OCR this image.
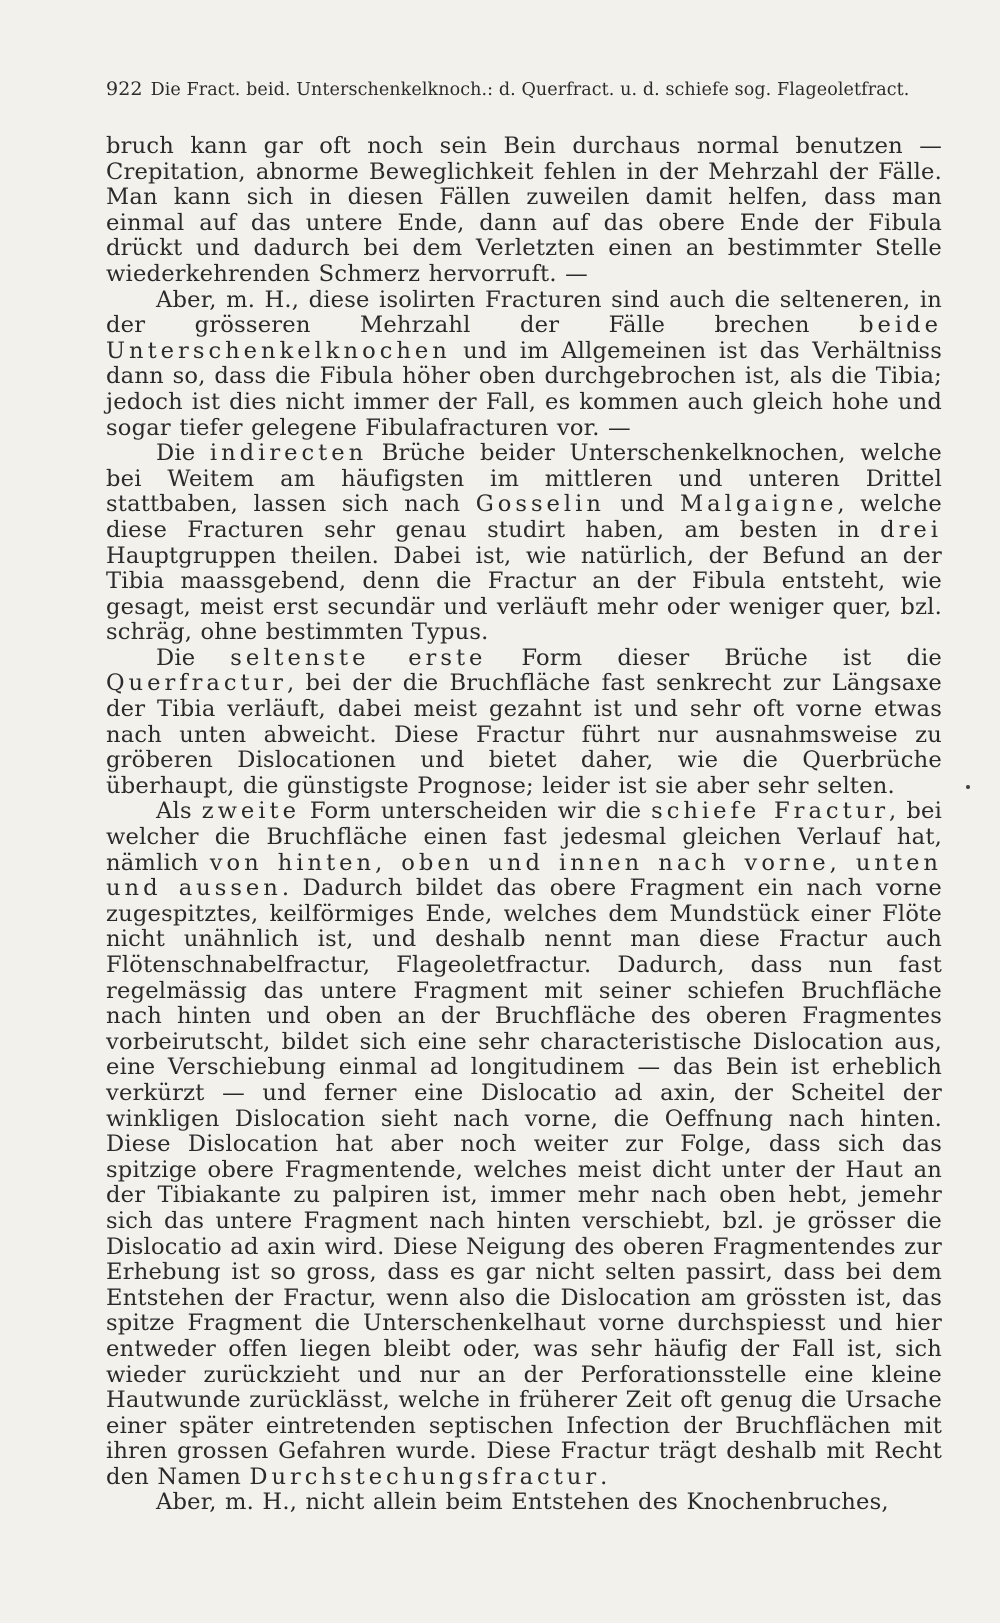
922 Die Fract. beid. Unterschenkelknoch.: d. Querfract. u. d. schiefe sog. Flageoletfract.

bruch kann gar oft noch sein Bein durchaus normal benutzen — Crepitation, abnorme Beweglichkeit fehlen in der Mehrzahl der Fälle. Man kann sich in diesen Fällen zuweilen damit helfen, dass man einmal auf das untere Ende, dann auf das obere Ende der Fibula drückt und dadurch bei dem Verletzten einen an bestimmter Stelle wiederkehrenden Schmerz hervorruft. —

Aber, m. H., diese isolirten Fracturen sind auch die selteneren, in der grösseren Mehrzahl der Fälle brechen beide Unterschenkelknochen und im Allgemeinen ist das Verhältniss dann so, dass die Fibula höher oben durchgebrochen ist, als die Tibia; jedoch ist dies nicht immer der Fall, es kommen auch gleich hohe und sogar tiefer gelegene Fibulafracturen vor. —

Die indirecten Brüche beider Unterschenkelknochen, welche bei Weitem am häufigsten im mittleren und unteren Drittel stattbaben, lassen sich nach Gosselin und Malgaigne, welche diese Fracturen sehr genau studirt haben, am besten in drei Hauptgruppen theilen. Dabei ist, wie natürlich, der Befund an der Tibia maassgebend, denn die Fractur an der Fibula entsteht, wie gesagt, meist erst secundär und verläuft mehr oder weniger quer, bzl. schräg, ohne bestimmten Typus.

Die seltenste erste Form dieser Brüche ist die Querfractur, bei der die Bruchfläche fast senkrecht zur Längsaxe der Tibia verläuft, dabei meist gezahnt ist und sehr oft vorne etwas nach unten abweicht. Diese Fractur führt nur ausnahmsweise zu gröberen Dislocationen und bietet daher, wie die Querbrüche überhaupt, die günstigste Prognose; leider ist sie aber sehr selten.

Als zweite Form unterscheiden wir die schiefe Fractur, bei welcher die Bruchfläche einen fast jedesmal gleichen Verlauf hat, nämlich von hinten, oben und innen nach vorne, unten und aussen. Dadurch bildet das obere Fragment ein nach vorne zugespitztes, keilförmiges Ende, welches dem Mundstück einer Flöte nicht unähnlich ist, und deshalb nennt man diese Fractur auch Flötenschnabelfractur, Flageoletfractur. Dadurch, dass nun fast regelmässig das untere Fragment mit seiner schiefen Bruchfläche nach hinten und oben an der Bruchfläche des oberen Fragmentes vorbeirutscht, bildet sich eine sehr characteristische Dislocation aus, eine Verschiebung einmal ad longitudinem — das Bein ist erheblich verkürzt — und ferner eine Dislocatio ad axin, der Scheitel der winkligen Dislocation sieht nach vorne, die Oeffnung nach hinten. Diese Dislocation hat aber noch weiter zur Folge, dass sich das spitzige obere Fragmentende, welches meist dicht unter der Haut an der Tibiakante zu palpiren ist, immer mehr nach oben hebt, jemehr sich das untere Fragment nach hinten verschiebt, bzl. je grösser die Dislocatio ad axin wird. Diese Neigung des oberen Fragmentendes zur Erhebung ist so gross, dass es gar nicht selten passirt, dass bei dem Entstehen der Fractur, wenn also die Dislocation am grössten ist, das spitze Fragment die Unterschenkelhaut vorne durchspiesst und hier entweder offen liegen bleibt oder, was sehr häufig der Fall ist, sich wieder zurückzieht und nur an der Perforationsstelle eine kleine Hautwunde zurücklässt, welche in früherer Zeit oft genug die Ursache einer später eintretenden septischen Infection der Bruchflächen mit ihren grossen Gefahren wurde. Diese Fractur trägt deshalb mit Recht den Namen Durchstechungsfractur.

Aber, m. H., nicht allein beim Entstehen des Knochenbruches,
